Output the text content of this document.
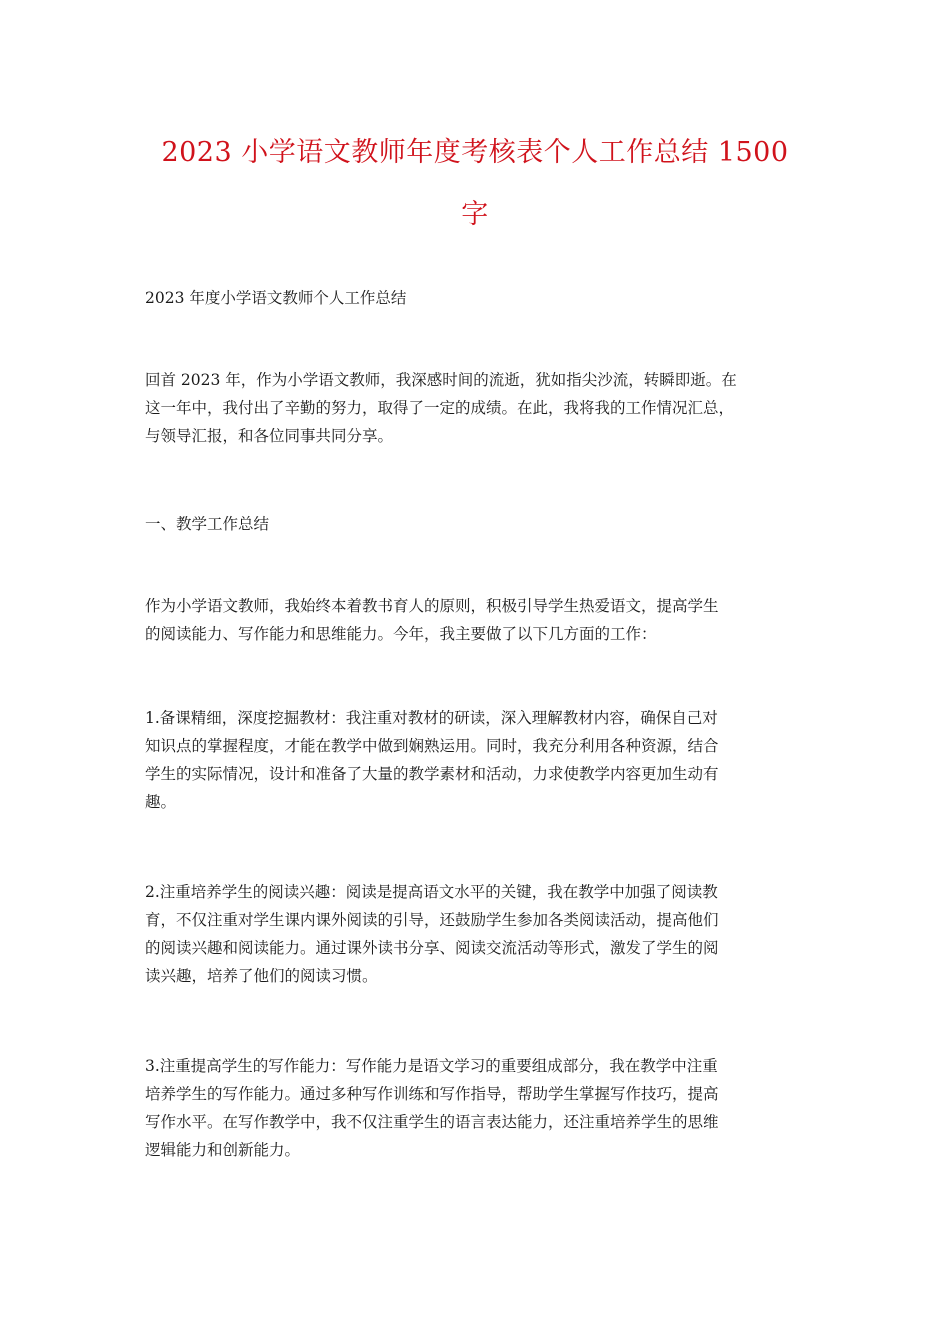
2023 小学语文教师年度考核表个人工作总结 1500
字

2023 年度小学语文教师个人工作总结

回首 2023 年，作为小学语文教师，我深感时间的流逝，犹如指尖沙流，转瞬即逝。在
这一年中，我付出了辛勤的努力，取得了一定的成绩。在此，我将我的工作情况汇总，
与领导汇报，和各位同事共同分享。

一、教学工作总结

作为小学语文教师，我始终本着教书育人的原则，积极引导学生热爱语文，提高学生
的阅读能力、写作能力和思维能力。今年，我主要做了以下几方面的工作：

1.备课精细，深度挖掘教材：我注重对教材的研读，深入理解教材内容，确保自己对
知识点的掌握程度，才能在教学中做到娴熟运用。同时，我充分利用各种资源，结合
学生的实际情况，设计和准备了大量的教学素材和活动，力求使教学内容更加生动有
趣。

2.注重培养学生的阅读兴趣：阅读是提高语文水平的关键，我在教学中加强了阅读教
育，不仅注重对学生课内课外阅读的引导，还鼓励学生参加各类阅读活动，提高他们
的阅读兴趣和阅读能力。通过课外读书分享、阅读交流活动等形式，激发了学生的阅
读兴趣，培养了他们的阅读习惯。

3.注重提高学生的写作能力：写作能力是语文学习的重要组成部分，我在教学中注重
培养学生的写作能力。通过多种写作训练和写作指导，帮助学生掌握写作技巧，提高
写作水平。在写作教学中，我不仅注重学生的语言表达能力，还注重培养学生的思维
逻辑能力和创新能力。
